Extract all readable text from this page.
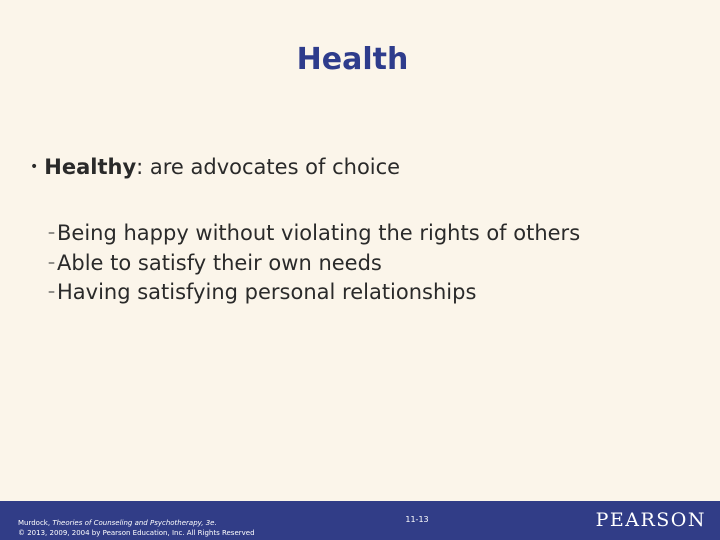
Health
• Healthy: are advocates of choice
–Being happy without violating the rights of others
–Able to satisfy their own needs
–Having satisfying personal relationships
Murdock, Theories of Counseling and Psychotherapy, 3e.
© 2013, 2009, 2004 by Pearson Education, Inc. All Rights Reserved
11-13	PEARSON
